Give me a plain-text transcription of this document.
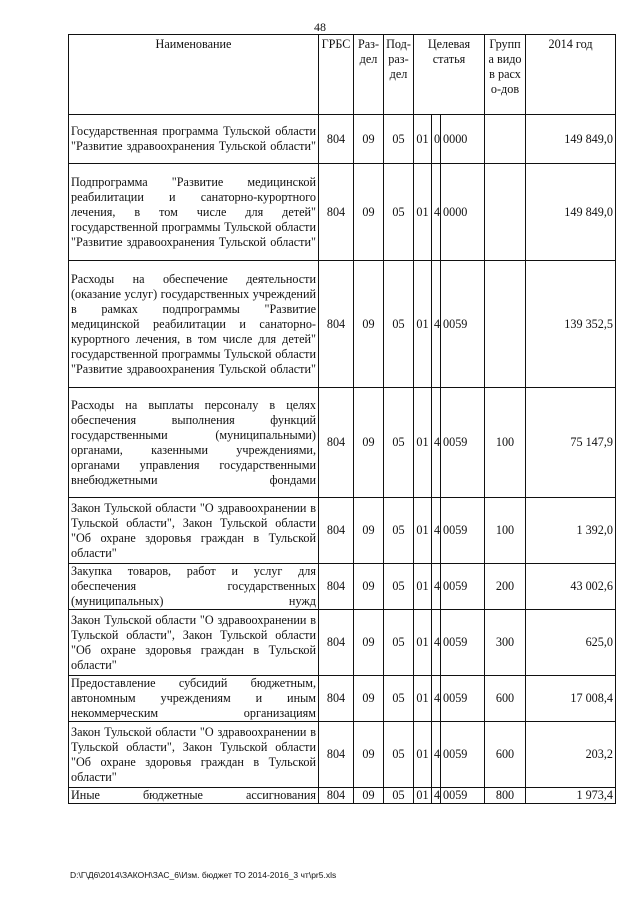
48
Наименование	ГРБС	Раз-дел	Под-раз-дел	Целевая статья			Группа видов расхо-дов	2014 год
Государственная программа Тульской области "Развитие здравоохранения Тульской области"	804	09	05	01	0	0000		149 849,0
Подпрограмма "Развитие медицинской реабилитации и санаторно-курортного лечения, в том числе для детей" государственной программы Тульской области "Развитие здравоохранения Тульской области"	804	09	05	01	4	0000		149 849,0
Расходы на обеспечение деятельности (оказание услуг) государственных учреждений в рамках подпрограммы "Развитие медицинской реабилитации и санаторно-курортного лечения, в том числе для детей" государственной программы Тульской области "Развитие здравоохранения Тульской области"	804	09	05	01	4	0059		139 352,5
Расходы на выплаты персоналу в целях обеспечения выполнения функций государственными (муниципальными) органами, казенными учреждениями, органами управления государственными внебюджетными фондами	804	09	05	01	4	0059	100	75 147,9
Закон Тульской области "О здравоохранении в Тульской области", Закон Тульской области "Об охране здоровья граждан в Тульской области"	804	09	05	01	4	0059	100	1 392,0
Закупка товаров, работ и услуг для обеспечения государственных (муниципальных) нужд	804	09	05	01	4	0059	200	43 002,6
Закон Тульской области "О здравоохранении в Тульской области", Закон Тульской области "Об охране здоровья граждан в Тульской области"	804	09	05	01	4	0059	300	625,0
Предоставление субсидий бюджетным, автономным учреждениям и иным некоммерческим организациям	804	09	05	01	4	0059	600	17 008,4
Закон Тульской области "О здравоохранении в Тульской области", Закон Тульской области "Об охране здоровья граждан в Тульской области"	804	09	05	01	4	0059	600	203,2
Иные бюджетные ассигнования	804	09	05	01	4	0059	800	1 973,4
D:\Г\Д6\2014\ЗАКОН\ЗАС_6\Изм. бюджет ТО 2014-2016_3 чт\pr5.xls
